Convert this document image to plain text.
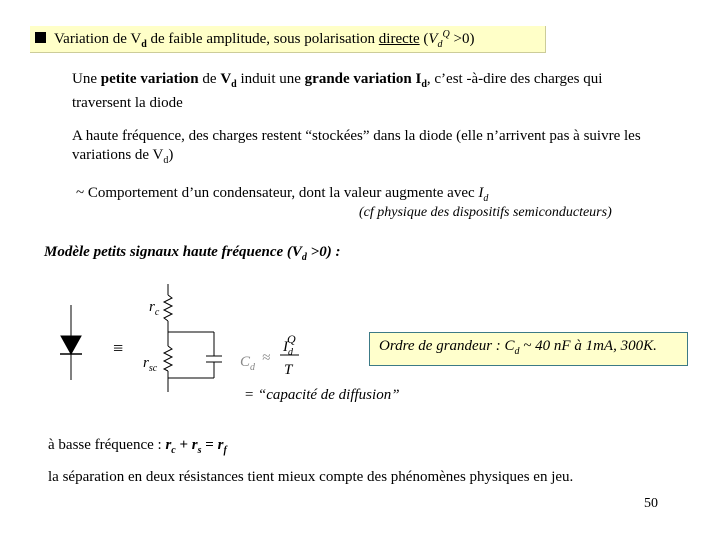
Variation de $V_d$ de faible amplitude, sous polarisation directe $(V_d^Q >0)$
Une petite variation de $V_d$ induit une grande variation $I_d$, c’est -à-dire des charges qui
traversent la diode
A haute fréquence, des charges restent “stockées” dans la diode (elle n’arrivent pas à suivre les
variations de $V_d$)
~ Comportement d’un condensateur, dont la valeur augmente avec $I_d$
(cf physique des dispositifs semiconducteurs)
Modèle petits signaux haute fréquence $(V_d >0)$ :
$r_c$
≡
$r_{sc}$	$C_d$
≈
$I_d$
Q
T
Ordre de grandeur : $C_d$ ~ 40 nF à 1mA, 300K.
= “capacité de diffusion”
à basse fréquence : $r_c + r_s = r_f$
la séparation en deux résistances tient mieux compte des phénomènes physiques en jeu.
50
